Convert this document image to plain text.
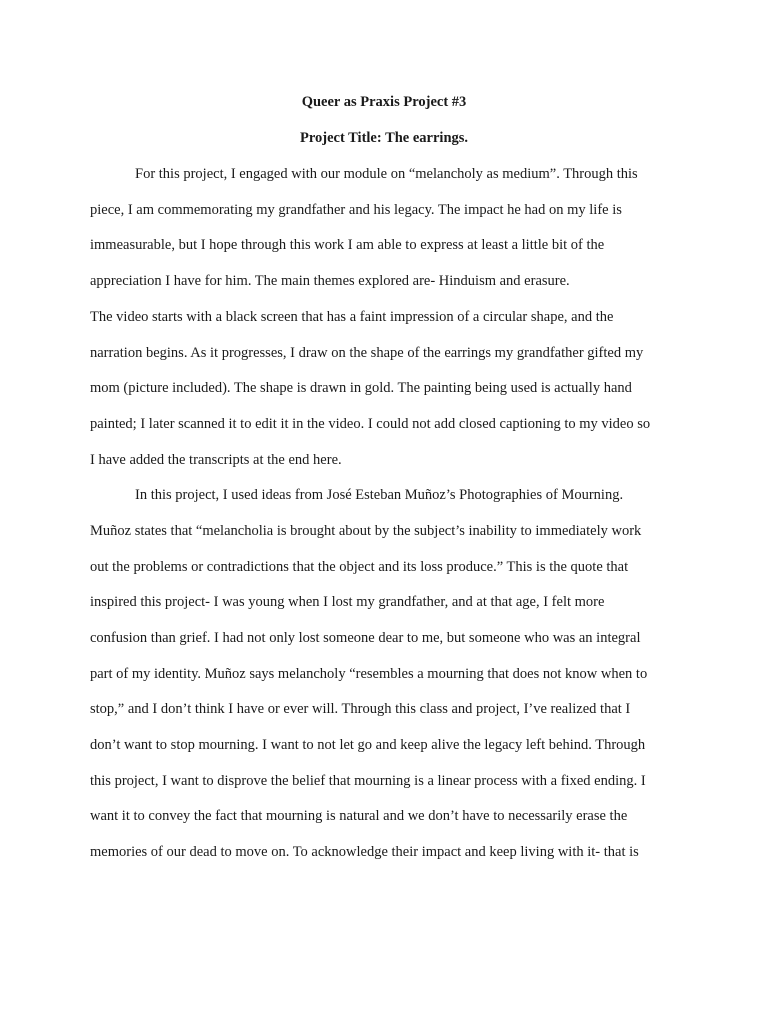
Queer as Praxis Project #3
Project Title: The earrings.
For this project, I engaged with our module on “melancholy as medium”. Through this
piece, I am commemorating my grandfather and his legacy. The impact he had on my life is
immeasurable, but I hope through this work I am able to express at least a little bit of the
appreciation I have for him. The main themes explored are- Hinduism and erasure.
The video starts with a black screen that has a faint impression of a circular shape, and the
narration begins. As it progresses, I draw on the shape of the earrings my grandfather gifted my
mom (picture included). The shape is drawn in gold. The painting being used is actually hand
painted; I later scanned it to edit it in the video. I could not add closed captioning to my video so
I have added the transcripts at the end here.
In this project, I used ideas from José Esteban Muñoz’s Photographies of Mourning.
Muñoz states that “melancholia is brought about by the subject’s inability to immediately work
out the problems or contradictions that the object and its loss produce.” This is the quote that
inspired this project- I was young when I lost my grandfather, and at that age, I felt more
confusion than grief. I had not only lost someone dear to me, but someone who was an integral
part of my identity. Muñoz says melancholy “resembles a mourning that does not know when to
stop,” and I don’t think I have or ever will. Through this class and project, I’ve realized that I
don’t want to stop mourning. I want to not let go and keep alive the legacy left behind. Through
this project, I want to disprove the belief that mourning is a linear process with a fixed ending. I
want it to convey the fact that mourning is natural and we don’t have to necessarily erase the
memories of our dead to move on. To acknowledge their impact and keep living with it- that is
